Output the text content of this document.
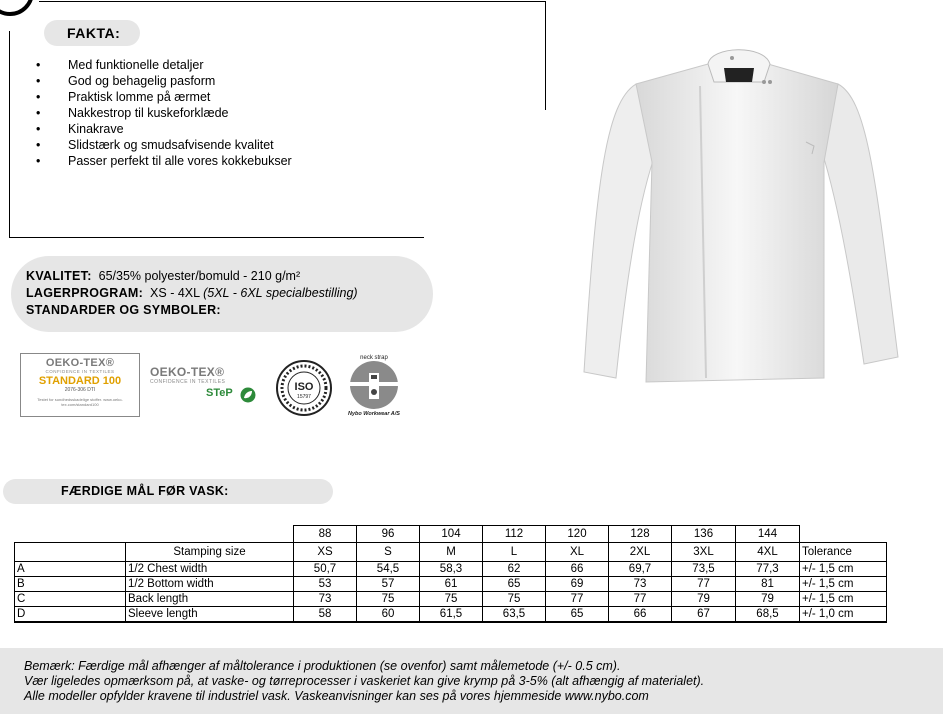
FAKTA:
• Med funktionelle detaljer
• God og behagelig pasform
• Praktisk lomme på ærmet
• Nakkestrop til kuskeforklæde
• Kinakrave
• Slidstærk og smudsafvisende kvalitet
• Passer perfekt til alle vores kokkebukser
KVALITET: 65/35% polyester/bomuld - 210 g/m²
LAGERPROGRAM: XS - 4XL (5XL - 6XL specialbestilling)
STANDARDER OG SYMBOLER:
OEKO-TEX®
CONFIDENCE IN TEXTILES
STANDARD 100
2076-306 DTI
Testet for sundhedsskadelige stoffer. www.oeko-tex.com/standard100
OEKO-TEX®
CONFIDENCE IN TEXTILES
STeP	ISO
15797
neck strap
Nybo Workwear A/S
FÆRDIGE MÅL FØR VASK:
		88	96	104	112	120	128	136	144	
	Stamping size	XS	S	M	L	XL	2XL	3XL	4XL	Tolerance
A	1/2 Chest width	50,7	54,5	58,3	62	66	69,7	73,5	77,3	+/- 1,5 cm
B	1/2 Bottom width	53	57	61	65	69	73	77	81	+/- 1,5 cm
C	Back length	73	75	75	75	77	77	79	79	+/- 1,5 cm
D	Sleeve length	58	60	61,5	63,5	65	66	67	68,5	+/- 1,0 cm
Bemærk: Færdige mål afhænger af måltolerance i produktionen (se ovenfor) samt målemetode (+/- 0.5 cm).
Vær ligeledes opmærksom på, at vaske- og tørreprocesser i vaskeriet kan give krymp på 3-5% (alt afhængig af materialet).
Alle modeller opfylder kravene til industriel vask. Vaskeanvisninger kan ses på vores hjemmeside www.nybo.com
